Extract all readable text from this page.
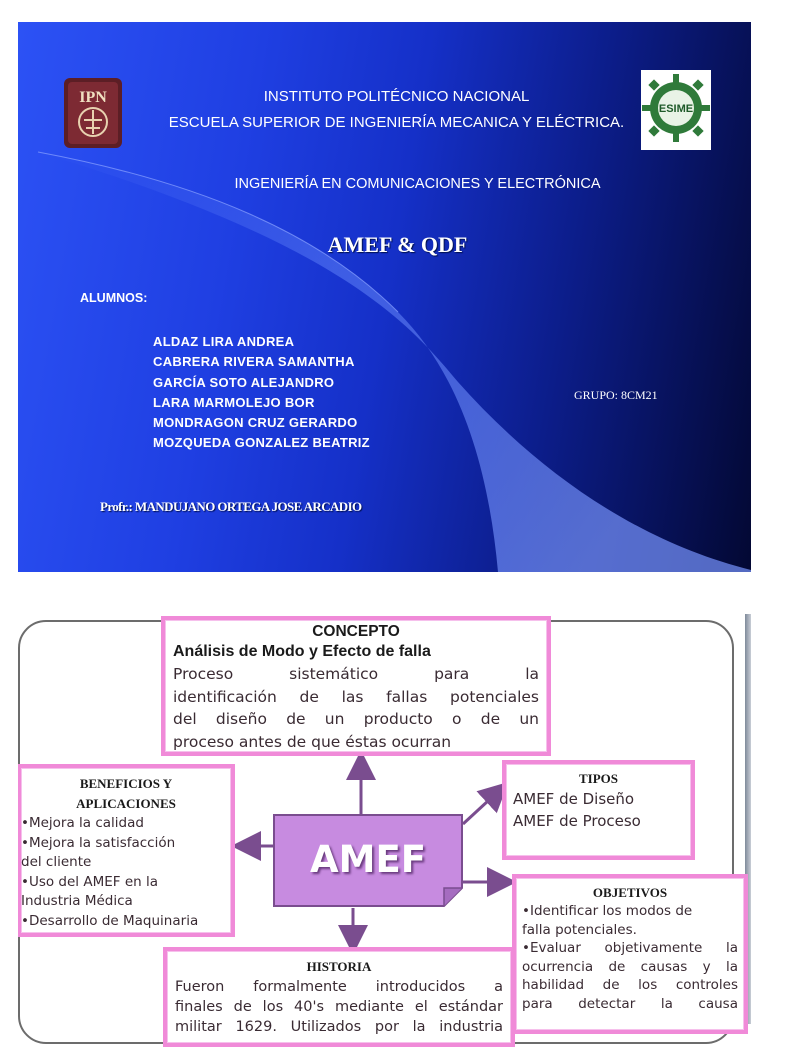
IPN
ESIME
INSTITUTO POLITÉCNICO NACIONAL
ESCUELA SUPERIOR DE INGENIERÍA MECANICA Y ELÉCTRICA.
INGENIERÍA EN COMUNICACIONES Y ELECTRÓNICA
AMEF & QDF
ALUMNOS:
ALDAZ LIRA ANDREA
CABRERA RIVERA SAMANTHA
GARCÍA SOTO ALEJANDRO
LARA MARMOLEJO BOR
MONDRAGON CRUZ GERARDO
MOZQUEDA GONZALEZ BEATRIZ
GRUPO: 8CM21
Profr.: MANDUJANO ORTEGA JOSE ARCADIO
AMEF
CONCEPTO
Análisis de Modo y Efecto de falla
Proceso sistemático para la
identificación de las fallas potenciales
del diseño de un producto o de un
proceso antes de que éstas ocurran
BENEFICIOS Y
APLICACIONES
•Mejora la calidad
•Mejora la satisfacción
del cliente
•Uso del AMEF en la
Industria Médica
•Desarrollo de Maquinaria
TIPOS
AMEF de Diseño
AMEF de Proceso
OBJETIVOS
•Identificar los modos de
falla potenciales.
•Evaluar objetivamente la
ocurrencia de causas y la
habilidad de los controles
para detectar la causa
HISTORIA
Fueron formalmente introducidos a
finales de los 40's mediante el estándar
militar 1629. Utilizados por la industria
